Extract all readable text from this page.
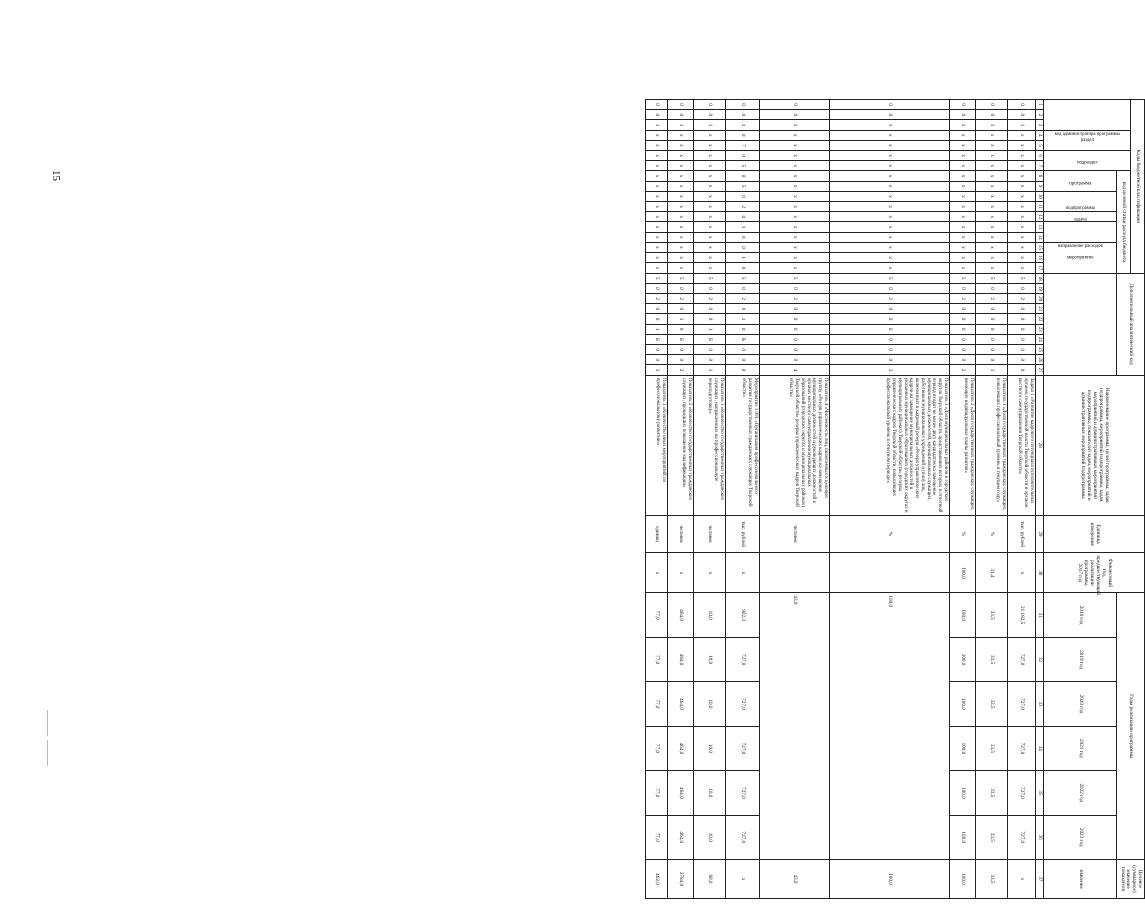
15	Коды бюджетной классификации																	Дополнительный аналитический код										Наименование программы, целей программы, задач подпрограммы, мероприятий подпрограммы, задач, мероприятий и административных мероприятий подпрограммы, показателей задач, мероприятий и административных мероприятий подпрограммы	Единица измерения	Финансовый год, предшествующий реализации программы, 2017 год	Годы реализации программы						Целевое (суммарное) значение показателя
код администратора программы			раздел		подраздел		код целевой статьи расхода бюджета																													
							программа		подпрограмма		задача	направление расходов		мероприятие																						
																														2018 год	2019 год	2020 год	2021 год	2022 год	2023 год	значение
1	2	3	4	5	6	7	8	9	10	11	12	13	14	15	16	17	18	19	20	21	22	23	24	25	26	27	28	29	30	31	32	33	34	35	36	37
0	0	1	x	x	x	x	x	x	x	x	x	x	x	x	x	x	5	0	2	0	0	0	0	0	0	0	Задача 1 «Развитие кадрового потенциала исполнительных органов государственной власти Тверской области и органов местного самоуправления Тверской области»	тыс. рублей	x	21 182,5	727,0	727,0	727,0	727,0	727,0	x
0	0	1	x	x	x	x	x	x	x	x	x	x	x	x	x	x	5	0	2	0	0	0	0	0	0	1	Показатель 1 «Доля государственных гражданских служащих, повысивших профессиональный уровень в текущем году»	%	31,4	33,5	33,5	33,5	33,5	33,5	33,5	33,5
0	0	1	x	x	x	x	x	x	x	x	x	x	x	x	x	x	5	0	2	0	0	0	0	0	0	2	Показатель 2 «Доля государственных гражданских служащих, имеющих индивидуальные планы развития»	%	100,0	100,0	100,0	100,0	100,0	100,0	100,0	100,0
0	0	1	x	x	x	x	x	x	x	x	x	x	x	x	x	x	5	0	2	0	0	0	0	0	0	3	Показатель 3 «Доля муниципальных районов и городских округов Тверской области, представивших которых в отчетный период входит не менее двух кандидатов на замещение муниципальных должностей, муниципальных служащих, работников муниципальных учреждений и (или) лиц, включенных в кадровый резерв «Резерв управленческих кадров на замещение муниципальных должностей в указанных муниципальных образованиях (городских округах и муниципальных районах) Тверской области» резерва управленческих кадров Тверской области, повысивших профессиональный уровень в отчетном периоде»	%		100,0						100,0
0	0	1	x	x	x	x	x	x	x	x	x	x	x	x	x	x	5	0	2	0	0	0	0	0	0	4	Показатель 4 «Численность лиц, включенных в целевую группу «Резерв управленческих кадров на замещение муниципальных должностей и руководящих должностей в органах местного самоуправления муниципальных образований (городских округах и муниципальных районах) Тверской области» резерва управленческих кадров Тверской области»	человек		43,0						43,0
0	0	1	0	7	0	5	0	5	0	2	0	1	0	0	1	0	5	0	2	0	1	0	Б	0	0	0	Мероприятие 1.001 «Организация профессионального развития государственных гражданских служащих Тверской области»	тыс. рублей	x	902,3	727,0	727,0	727,0	727,0	727,0	x
0	0	1	x	x	x	x	x	x	x	x	x	x	x	x	x	x	5	0	2	0	0	1	Б	0	0	1	Показатель 1 «Количество государственных гражданских служащих, направленных на профессиональную переподготовку»	человек	x	10,0	10,0	10,0	10,0	10,0	10,0	80,0
0	0	1	x	x	x	x	x	x	x	x	x	x	x	x	x	x	5	0	2	0	1	0	Б	0	0	2	Показатель 2 «Количество государственных гражданских служащих, прошедших повышение квалификации»	человек	x	464,0	464,0	464,0	464,0	464,0	464,0	2784,0
0	0	1	x	x	x	x	x	x	x	x	x	x	x	x	x	x	5	0	2	0	0	1	Б	0	0	3	Показатель 3 «Количество иных мероприятий по профессиональному развитию»	единиц	x	77,0	77,0	77,0	77,0	77,0	77,0	462,0
